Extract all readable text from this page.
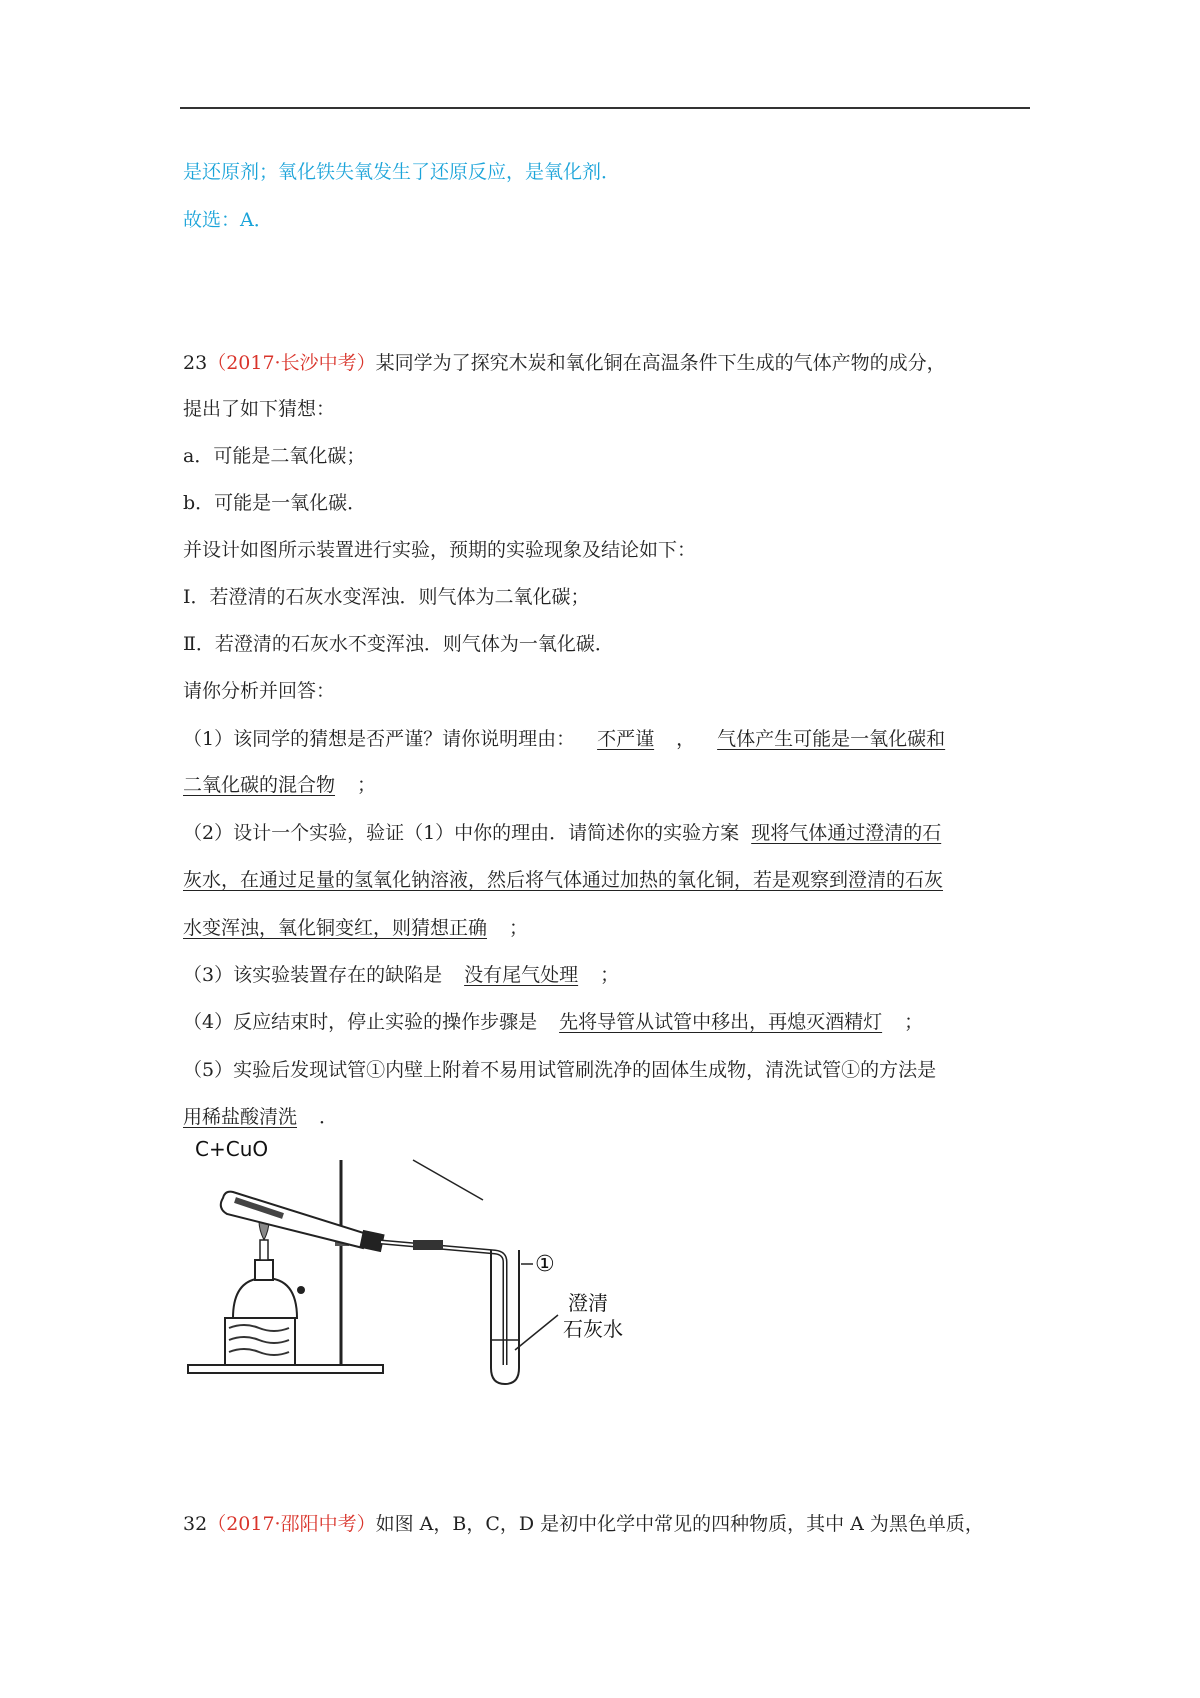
是还原剂；氧化铁失氧发生了还原反应，是氧化剂．
故选：A．
23（2017·长沙中考）某同学为了探究木炭和氧化铜在高温条件下生成的气体产物的成分，
提出了如下猜想：
a．可能是二氧化碳；
b．可能是一氧化碳．
并设计如图所示装置进行实验，预期的实验现象及结论如下：
Ⅰ．若澄清的石灰水变浑浊．则气体为二氧化碳；
Ⅱ．若澄清的石灰水不变浑浊．则气体为一氧化碳．
请你分析并回答：
（1）该同学的猜想是否严谨？请你说明理由： 不严谨 ， 气体产生可能是一氧化碳和
二氧化碳的混合物 ；
（2）设计一个实验，验证（1）中你的理由．请简述你的实验方案 现将气体通过澄清的石
灰水，在通过足量的氢氧化钠溶液，然后将气体通过加热的氧化铜，若是观察到澄清的石灰
水变浑浊，氧化铜变红，则猜想正确 ；
（3）该实验装置存在的缺陷是 没有尾气处理 ；
（4）反应结束时，停止实验的操作步骤是 先将导管从试管中移出，再熄灭酒精灯 ；
（5）实验后发现试管①内壁上附着不易用试管刷洗净的固体生成物，清洗试管①的方法是
用稀盐酸清洗 ．
C+CuO
①
澄清
石灰水
32（2017·邵阳中考）如图 A，B，C，D 是初中化学中常见的四种物质，其中 A 为黑色单质，
